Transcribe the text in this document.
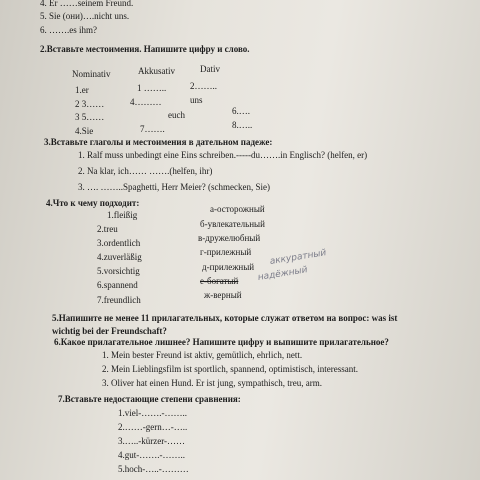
4. Er ……seinem Freund.
5. Sie (они)….nicht uns.
6. …….es ihm?
2.Вставьте местоимения. Напишите цифру и слово.
Nominativ	Akkusativ	Dativ
1.er
2 3……
3 5……
4.Sie
1 ……..
4………
euch
7…….
2……..
uns
6.….
8.…..
3.Вставьте глаголы и местоимения в дательном падеже:
1. Ralf muss unbedingt eine Eins schreiben.-----du…….in Englisch? (helfen, er)
2. Na klar, ich…… …….(helfen, ihr)
3. …. ……..Spaghetti, Herr Meier? (schmecken, Sie)
4.Что к чему подходит:
1.fleißig
2.treu
3.ordentlich
4.zuverläßig
5.vorsichtig
6.spannend
7.freundlich
а-осторожный
б-увлекательный
в-дружелюбный
г-прилежный
д-прилежный
е-богатый
ж-верный
аккуратный
надёжный
5.Напишите не менее 11 прилагательных, которые служат ответом на вопрос: was ist
wichtig bei der Freundschaft?
6.Какое прилагательное лишнее? Напишите цифру и выпишите прилагательное?
1. Mein bester Freund ist aktiv, gemütlich, ehrlich, nett.
2. Mein Lieblingsfilm ist sportlich, spannend, optimistisch, interessant.
3. Oliver hat einen Hund. Er ist jung, sympathisch, treu, arm.
7.Вставьте недостающие степени сравнения:
1.viel-…….-……..
2.……-gern…-…..
3.…..-kürzer-……
4.gut-…….-……..
5.hoch-…..-………
